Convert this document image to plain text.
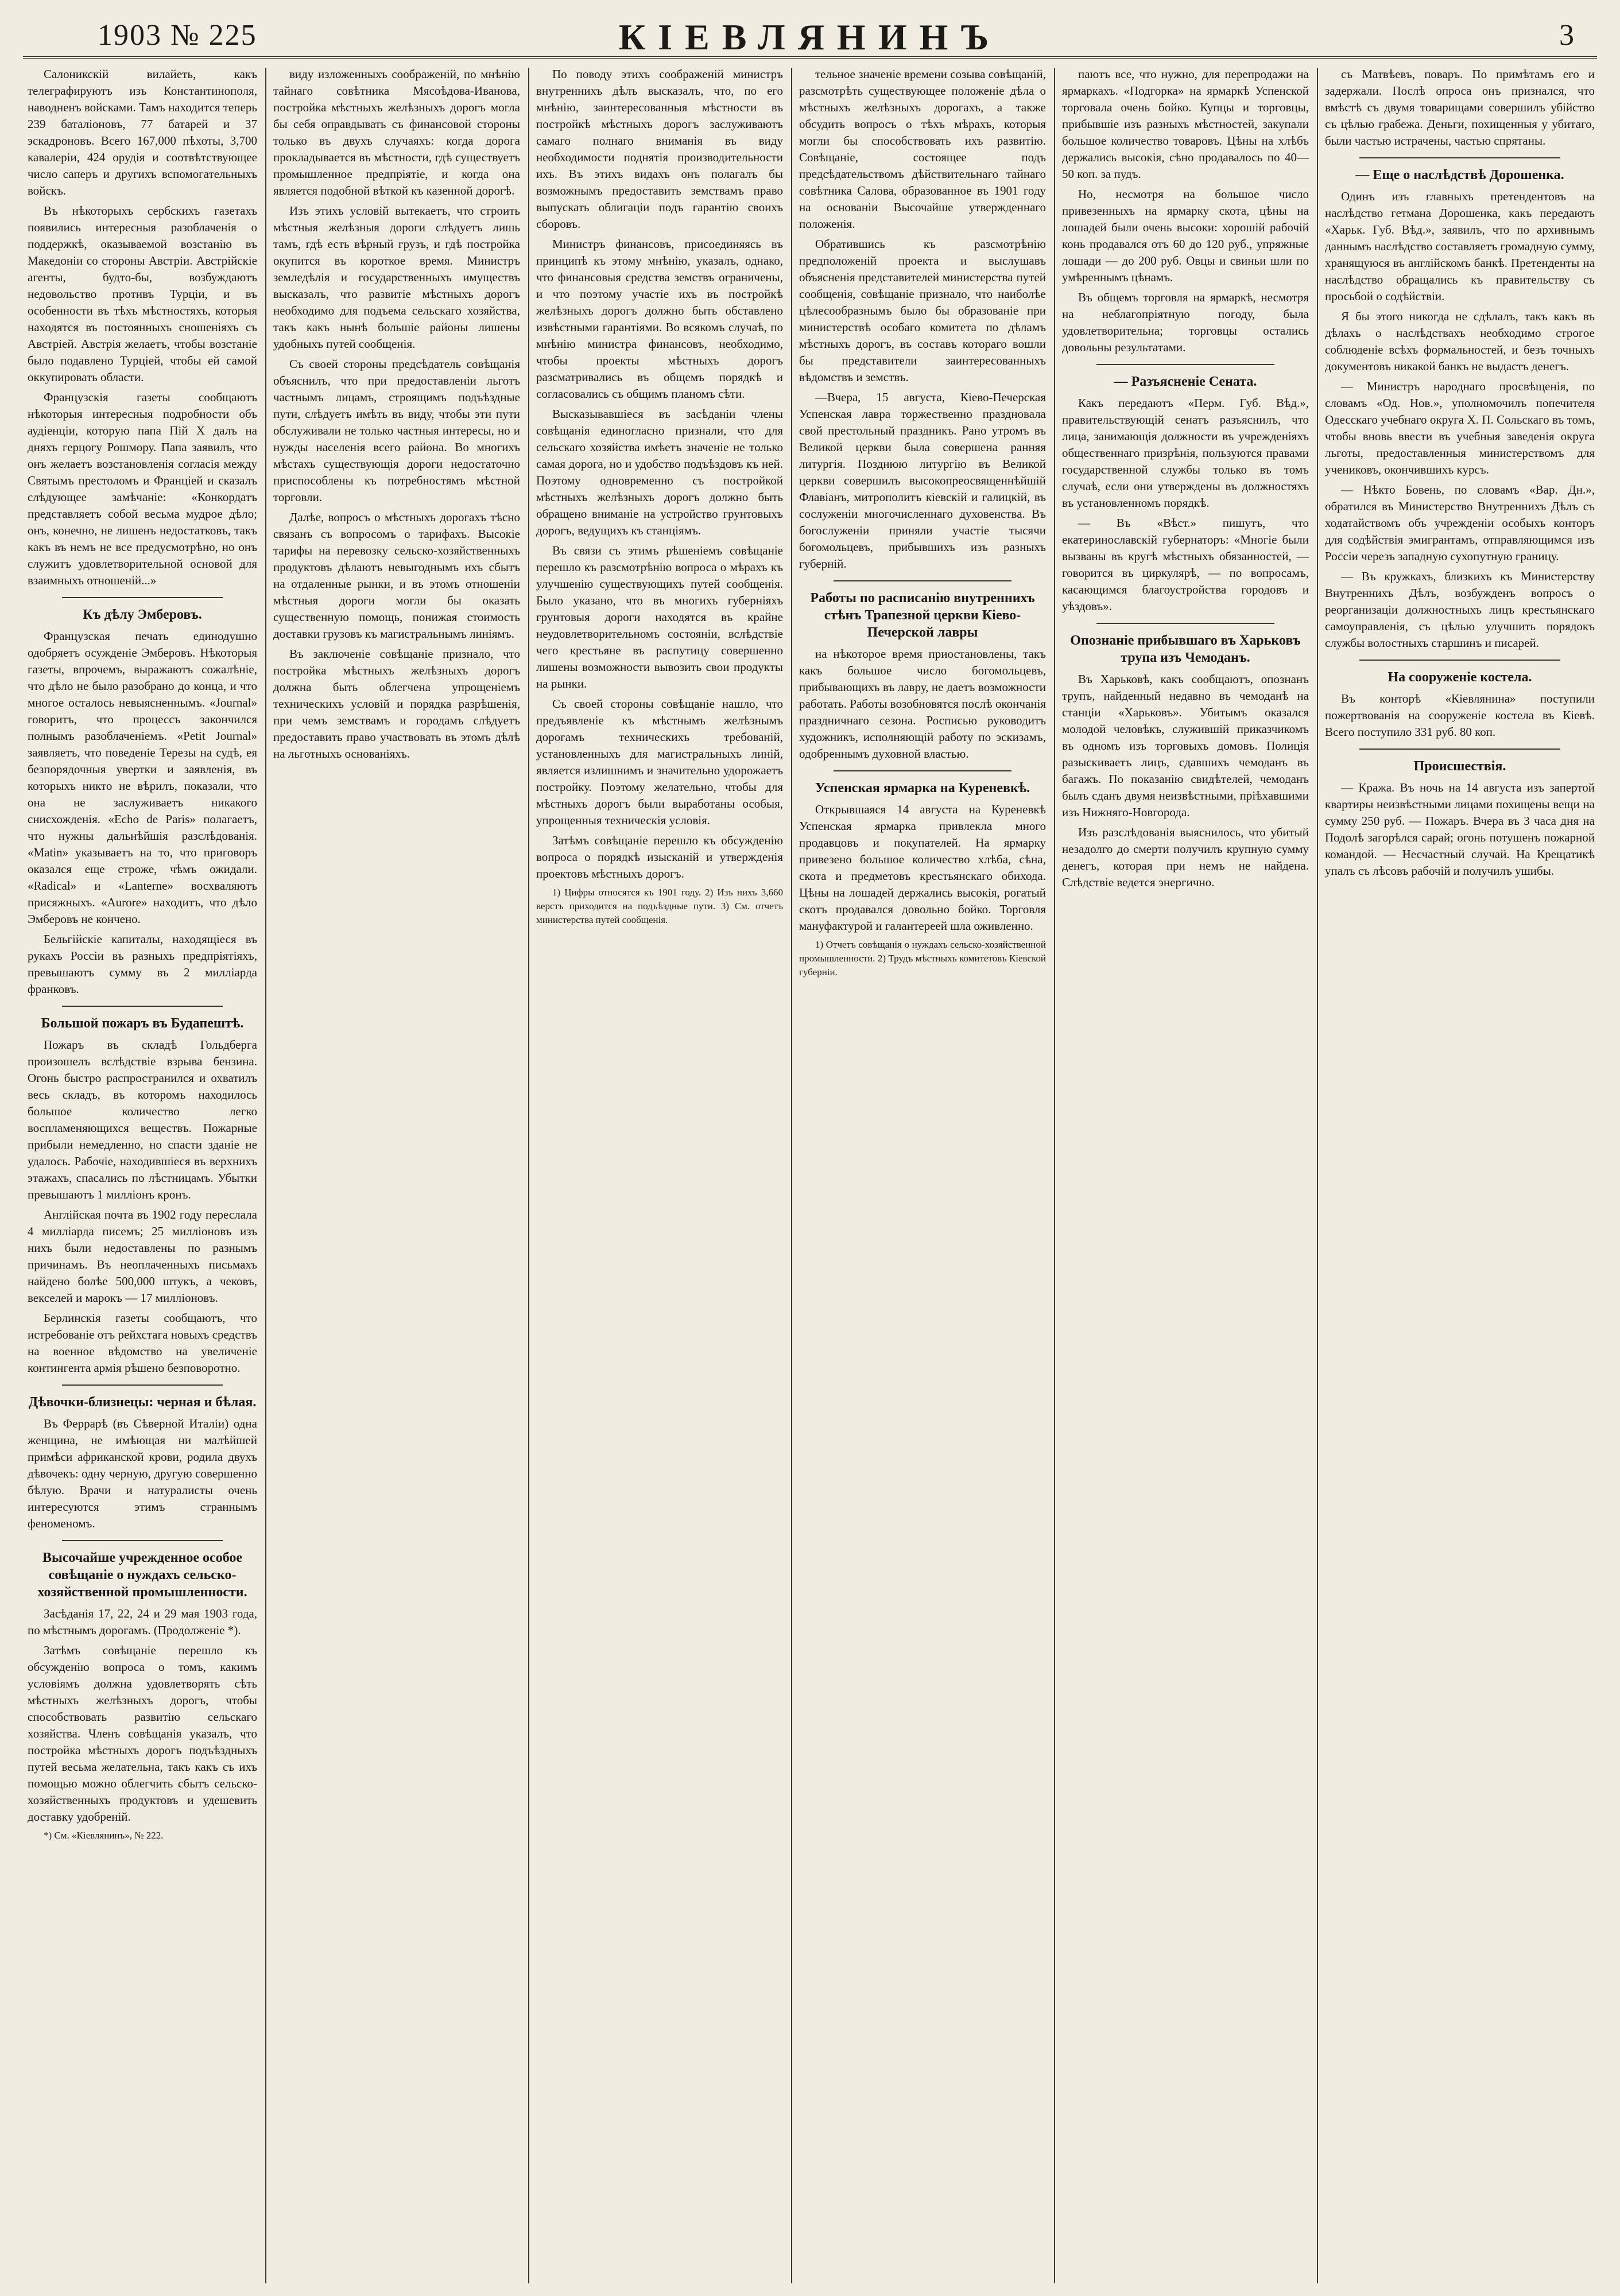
1903 № 225	КІЕВЛЯНИНЪ	3

Салоникскій вилайеть, какъ телеграфируютъ изъ Константинополя, наводненъ войсками. Тамъ находится теперь 239 баталіоновъ, 77 батарей и 37 эскадроновъ. Всего 167,000 пѣхоты, 3,700 кавалеріи, 424 орудія и соотвѣтствующее число саперъ и другихъ вспомогательныхъ войскъ.

Въ нѣкоторыхъ сербскихъ газетахъ появились интересныя разоблаченія о поддержкѣ, оказываемой возстанію въ Македоніи со стороны Австріи. Австрійскіе агенты, будто-бы, возбуждаютъ недовольство противъ Турціи, и въ особенности въ тѣхъ мѣстностяхъ, которыя находятся въ постоянныхъ сношеніяхъ съ Австріей. Австрія желаетъ, чтобы возстаніе было подавлено Турціей, чтобы ей самой оккупировать области.

Французскія газеты сообщаютъ нѣкоторыя интересныя подробности объ аудіенціи, которую папа Пій X далъ на дняхъ герцогу Рошмору. Папа заявилъ, что онъ желаетъ возстановленія согласія между Святымъ престоломъ и Франціей и сказалъ слѣдующее замѣчаніе: «Конкордатъ представляетъ собой весьма мудрое дѣло; онъ, конечно, не лишенъ недостатковъ, такъ какъ въ немъ не все предусмотрѣно, но онъ служитъ удовлетворительной основой для взаимныхъ отношеній...»

Къ дѣлу Эмберовъ.

Французская печать единодушно одобряетъ осужденіе Эмберовъ. Нѣкоторыя газеты, впрочемъ, выражаютъ сожалѣніе, что дѣло не было разобрано до конца, и что многое осталось невыясненнымъ. «Journal» говоритъ, что процессъ закончился полнымъ разоблаченіемъ. «Petit Journal» заявляетъ, что поведеніе Терезы на судѣ, ея безпорядочныя увертки и заявленія, въ которыхъ никто не вѣрилъ, показали, что она не заслуживаетъ никакого снисхожденія. «Echo de Paris» полагаетъ, что нужны дальнѣйшія разслѣдованія. «Matin» указываетъ на то, что приговоръ оказался еще строже, чѣмъ ожидали. «Radical» и «Lanterne» восхваляютъ присяжныхъ. «Aurore» находитъ, что дѣло Эмберовъ не кончено.

Бельгійскіе капиталы, находящіеся въ рукахъ Россіи въ разныхъ предпріятіяхъ, превышаютъ сумму въ 2 милліарда франковъ.

Большой пожаръ въ Будапештѣ.

Пожаръ въ складѣ Гольдберга произошелъ вслѣдствіе взрыва бензина. Огонь быстро распространился и охватилъ весь складъ, въ которомъ находилось большое количество легко воспламеняющихся веществъ. Пожарные прибыли немедленно, но спасти зданіе не удалось. Рабочіе, находившіеся въ верхнихъ этажахъ, спасались по лѣстницамъ. Убытки превышаютъ 1 милліонъ кронъ.

Англійская почта въ 1902 году переслала 4 милліарда писемъ; 25 милліоновъ изъ нихъ были недоставлены по разнымъ причинамъ. Въ неоплаченныхъ письмахъ найдено болѣе 500,000 штукъ, а чековъ, векселей и марокъ — 17 милліоновъ.

Берлинскія газеты сообщаютъ, что истребованіе отъ рейхстага новыхъ средствъ на военное вѣдомство на увеличеніе контингента армія рѣшено безповоротно.

Дѣвочки-близнецы: черная и бѣлая.

Въ Феррарѣ (въ Сѣверной Италіи) одна женщина, не имѣющая ни малѣйшей примѣси африканской крови, родила двухъ дѣвочекъ: одну черную, другую совершенно бѣлую. Врачи и натуралисты очень интересуются этимъ страннымъ феноменомъ.

Высочайше учрежденное особое совѣщаніе о нуждахъ сельско-хозяйственной промышленности.

Засѣданія 17, 22, 24 и 29 мая 1903 года, по мѣстнымъ дорогамъ. (Продолженіе *).

Затѣмъ совѣщаніе перешло къ обсужденію вопроса о томъ, какимъ условіямъ должна удовлетворять сѣть мѣстныхъ желѣзныхъ дорогъ, чтобы способствовать развитію сельскаго хозяйства. Членъ совѣщанія указалъ, что постройка мѣстныхъ дорогъ подъѣздныхъ путей весьма желательна, такъ какъ съ ихъ помощью можно облегчить сбытъ сельско-хозяйственныхъ продуктовъ и удешевить доставку удобреній.

*) См. «Кіевлянинъ», № 222.

виду изложенныхъ соображеній, по мнѣнію тайнаго совѣтника Мясоѣдова-Иванова, постройка мѣстныхъ желѣзныхъ дорогъ могла бы себя оправдывать съ финансовой стороны только въ двухъ случаяхъ: когда дорога прокладывается въ мѣстности, гдѣ существуетъ промышленное предпріятіе, и когда она является подобной вѣткой къ казенной дорогѣ.

Изъ этихъ условій вытекаетъ, что строить мѣстныя желѣзныя дороги слѣдуетъ лишь тамъ, гдѣ есть вѣрный грузъ, и гдѣ постройка окупится въ короткое время. Министръ земледѣлія и государственныхъ имуществъ высказалъ, что развитіе мѣстныхъ дорогъ необходимо для подъема сельскаго хозяйства, такъ какъ нынѣ большіе районы лишены удобныхъ путей сообщенія.

Съ своей стороны предсѣдатель совѣщанія объяснилъ, что при предоставленіи льготъ частнымъ лицамъ, строящимъ подъѣздные пути, слѣдуетъ имѣть въ виду, чтобы эти пути обслуживали не только частныя интересы, но и нужды населенія всего района. Во многихъ мѣстахъ существующія дороги недостаточно приспособлены къ потребностямъ мѣстной торговли.

Далѣе, вопросъ о мѣстныхъ дорогахъ тѣсно связанъ съ вопросомъ о тарифахъ. Высокіе тарифы на перевозку сельско-хозяйственныхъ продуктовъ дѣлаютъ невыгоднымъ ихъ сбытъ на отдаленные рынки, и въ этомъ отношеніи мѣстныя дороги могли бы оказать существенную помощь, понижая стоимость доставки грузовъ къ магистральнымъ линіямъ.

Въ заключеніе совѣщаніе признало, что постройка мѣстныхъ желѣзныхъ дорогъ должна быть облегчена упрощеніемъ техническихъ условій и порядка разрѣшенія, при чемъ земствамъ и городамъ слѣдуетъ предоставить право участвовать въ этомъ дѣлѣ на льготныхъ основаніяхъ.

По поводу этихъ соображеній министръ внутреннихъ дѣлъ высказалъ, что, по его мнѣнію, заинтересованныя мѣстности въ постройкѣ мѣстныхъ дорогъ заслуживаютъ самаго полнаго вниманія въ виду необходимости поднятія производительности ихъ. Въ этихъ видахъ онъ полагалъ бы возможнымъ предоставить земствамъ право выпускать облигаціи подъ гарантію своихъ сборовъ.

Министръ финансовъ, присоединяясь въ принципѣ къ этому мнѣнію, указалъ, однако, что финансовыя средства земствъ ограничены, и что поэтому участіе ихъ въ постройкѣ желѣзныхъ дорогъ должно быть обставлено извѣстными гарантіями. Во всякомъ случаѣ, по мнѣнію министра финансовъ, необходимо, чтобы проекты мѣстныхъ дорогъ разсматривались въ общемъ порядкѣ и согласовались съ общимъ планомъ сѣти.

Высказывавшіеся въ засѣданіи члены совѣщанія единогласно признали, что для сельскаго хозяйства имѣетъ значеніе не только самая дорога, но и удобство подъѣздовъ къ ней. Поэтому одновременно съ постройкой мѣстныхъ желѣзныхъ дорогъ должно быть обращено вниманіе на устройство грунтовыхъ дорогъ, ведущихъ къ станціямъ.

Въ связи съ этимъ рѣшеніемъ совѣщаніе перешло къ разсмотрѣнію вопроса о мѣрахъ къ улучшенію существующихъ путей сообщенія. Было указано, что въ многихъ губерніяхъ грунтовыя дороги находятся въ крайне неудовлетворительномъ состояніи, вслѣдствіе чего крестьяне въ распутицу совершенно лишены возможности вывозить свои продукты на рынки.

Съ своей стороны совѣщаніе нашло, что предъявленіе къ мѣстнымъ желѣзнымъ дорогамъ техническихъ требованій, установленныхъ для магистральныхъ линій, является излишнимъ и значительно удорожаетъ постройку. Поэтому желательно, чтобы для мѣстныхъ дорогъ были выработаны особыя, упрощенныя техническія условія.

Затѣмъ совѣщаніе перешло къ обсужденію вопроса о порядкѣ изысканій и утвержденія проектовъ мѣстныхъ дорогъ.

1) Цифры относятся къ 1901 году. 2) Изъ нихъ 3,660 верстъ приходится на подъѣздные пути. 3) См. отчетъ министерства путей сообщенія.

тельное значеніе времени созыва совѣщаній, разсмотрѣть существующее положеніе дѣла о мѣстныхъ желѣзныхъ дорогахъ, а также обсудить вопросъ о тѣхъ мѣрахъ, которыя могли бы способствовать ихъ развитію. Совѣщаніе, состоящее подъ предсѣдательствомъ дѣйствительнаго тайнаго совѣтника Салова, образованное въ 1901 году на основаніи Высочайше утвержденнаго положенія.

Обратившись къ разсмотрѣнію предположеній проекта и выслушавъ объясненія представителей министерства путей сообщенія, совѣщаніе признало, что наиболѣе цѣлесообразнымъ было бы образованіе при министерствѣ особаго комитета по дѣламъ мѣстныхъ дорогъ, въ составъ котораго вошли бы представители заинтересованныхъ вѣдомствъ и земствъ.

—Вчера, 15 августа, Кіево-Печерская Успенская лавра торжественно праздновала свой престольный праздникъ. Рано утромъ въ Великой церкви была совершена ранняя литургія. Позднюю литургію въ Великой церкви совершилъ высокопреосвященнѣйшій Флавіанъ, митрополитъ кіевскій и галицкій, въ сослуженіи многочисленнаго духовенства. Въ богослуженіи приняли участіе тысячи богомольцевъ, прибывшихъ изъ разныхъ губерній.

Работы по расписанію внутреннихъ стѣнъ Трапезной церкви Кіево-Печерской лавры

на нѣкоторое время приостановлены, такъ какъ большое число богомольцевъ, прибывающихъ въ лавру, не даетъ возможности работать. Работы возобновятся послѣ окончанія праздничнаго сезона. Росписью руководитъ художникъ, исполняющій работу по эскизамъ, одобреннымъ духовной властью.

Успенская ярмарка на Куреневкѣ.

Открывшаяся 14 августа на Куреневкѣ Успенская ярмарка привлекла много продавцовъ и покупателей. На ярмарку привезено большое количество хлѣба, сѣна, скота и предметовъ крестьянскаго обихода. Цѣны на лошадей держались высокія, рогатый скотъ продавался довольно бойко. Торговля мануфактурой и галантереей шла оживленно.

1) Отчетъ совѣщанія о нуждахъ сельско-хозяйственной промышленности. 2) Трудъ мѣстныхъ комитетовъ Кіевской губерніи.

паютъ все, что нужно, для перепродажи на ярмаркахъ. «Подгорка» на ярмаркѣ Успенской торговала очень бойко. Купцы и торговцы, прибывшіе изъ разныхъ мѣстностей, закупали большое количество товаровъ. Цѣны на хлѣбъ держались высокія, сѣно продавалось по 40—50 коп. за пудъ.

Но, несмотря на большое число привезенныхъ на ярмарку скота, цѣны на лошадей были очень высоки: хорошій рабочій конь продавался отъ 60 до 120 руб., упряжные лошади — до 200 руб. Овцы и свиньи шли по умѣреннымъ цѣнамъ.

Въ общемъ торговля на ярмаркѣ, несмотря на неблагопріятную погоду, была удовлетворительна; торговцы остались довольны результатами.

— Разъясненіе Сената.

Какъ передаютъ «Перм. Губ. Вѣд.», правительствующій сенатъ разъяснилъ, что лица, занимающія должности въ учрежденіяхъ общественнаго призрѣнія, пользуются правами государственной службы только въ томъ случаѣ, если они утверждены въ должностяхъ въ установленномъ порядкѣ.

— Въ «Вѣст.» пишутъ, что екатеринославскій губернаторъ: «Многіе были вызваны въ кругѣ мѣстныхъ обязанностей, — говорится въ циркулярѣ, — по вопросамъ, касающимся благоустройства городовъ и уѣздовъ».

Опознаніе прибывшаго въ Харьковъ трупа изъ Чемоданъ.

Въ Харьковѣ, какъ сообщаютъ, опознанъ трупъ, найденный недавно въ чемоданѣ на станціи «Харьковъ». Убитымъ оказался молодой человѣкъ, служившій приказчикомъ въ одномъ изъ торговыхъ домовъ. Полиція разыскиваетъ лицъ, сдавшихъ чемоданъ въ багажъ. По показанію свидѣтелей, чемоданъ былъ сданъ двумя неизвѣстными, пріѣхавшими изъ Нижняго-Новгорода.

Изъ разслѣдованія выяснилось, что убитый незадолго до смерти получилъ крупную сумму денегъ, которая при немъ не найдена. Слѣдствіе ведется энергично.

съ Матвѣевъ, поваръ. По примѣтамъ его и задержали. Послѣ опроса онъ признался, что вмѣстѣ съ двумя товарищами совершилъ убійство съ цѣлью грабежа. Деньги, похищенныя у убитаго, были частью истрачены, частью спрятаны.

— Еще о наслѣдствѣ Дорошенка.

Одинъ изъ главныхъ претендентовъ на наслѣдство гетмана Дорошенка, какъ передаютъ «Харьк. Губ. Вѣд.», заявилъ, что по архивнымъ даннымъ наслѣдство составляетъ громадную сумму, хранящуюся въ англійскомъ банкѣ. Претенденты на наслѣдство обращались къ правительству съ просьбой о содѣйствіи.

Я бы этого никогда не сдѣлалъ, такъ какъ въ дѣлахъ о наслѣдствахъ необходимо строгое соблюденіе всѣхъ формальностей, и безъ точныхъ документовъ никакой банкъ не выдастъ денегъ.

— Министръ народнаго просвѣщенія, по словамъ «Од. Нов.», уполномочилъ попечителя Одесскаго учебнаго округа Х. П. Сольскаго въ томъ, чтобы вновь ввести въ учебныя заведенія округа льготы, предоставленныя министерствомъ для учениковъ, окончившихъ курсъ.

— Нѣкто Бовень, по словамъ «Вар. Дн.», обратился въ Министерство Внутреннихъ Дѣлъ съ ходатайствомъ объ учрежденіи особыхъ конторъ для содѣйствія эмигрантамъ, отправляющимся изъ Россіи черезъ западную сухопутную границу.

— Въ кружкахъ, близкихъ къ Министерству Внутреннихъ Дѣлъ, возбужденъ вопросъ о реорганизаціи должностныхъ лицъ крестьянскаго самоуправленія, съ цѣлью улучшить порядокъ службы волостныхъ старшинъ и писарей.

На сооруженіе костела.

Въ конторѣ «Кіевлянина» поступили пожертвованія на сооруженіе костела въ Кіевѣ. Всего поступило 331 руб. 80 коп.

Происшествія.

— Кража. Въ ночь на 14 августа изъ запертой квартиры неизвѣстными лицами похищены вещи на сумму 250 руб. — Пожаръ. Вчера въ 3 часа дня на Подолѣ загорѣлся сарай; огонь потушенъ пожарной командой. — Несчастный случай. На Крещатикѣ упалъ съ лѣсовъ рабочій и получилъ ушибы.
